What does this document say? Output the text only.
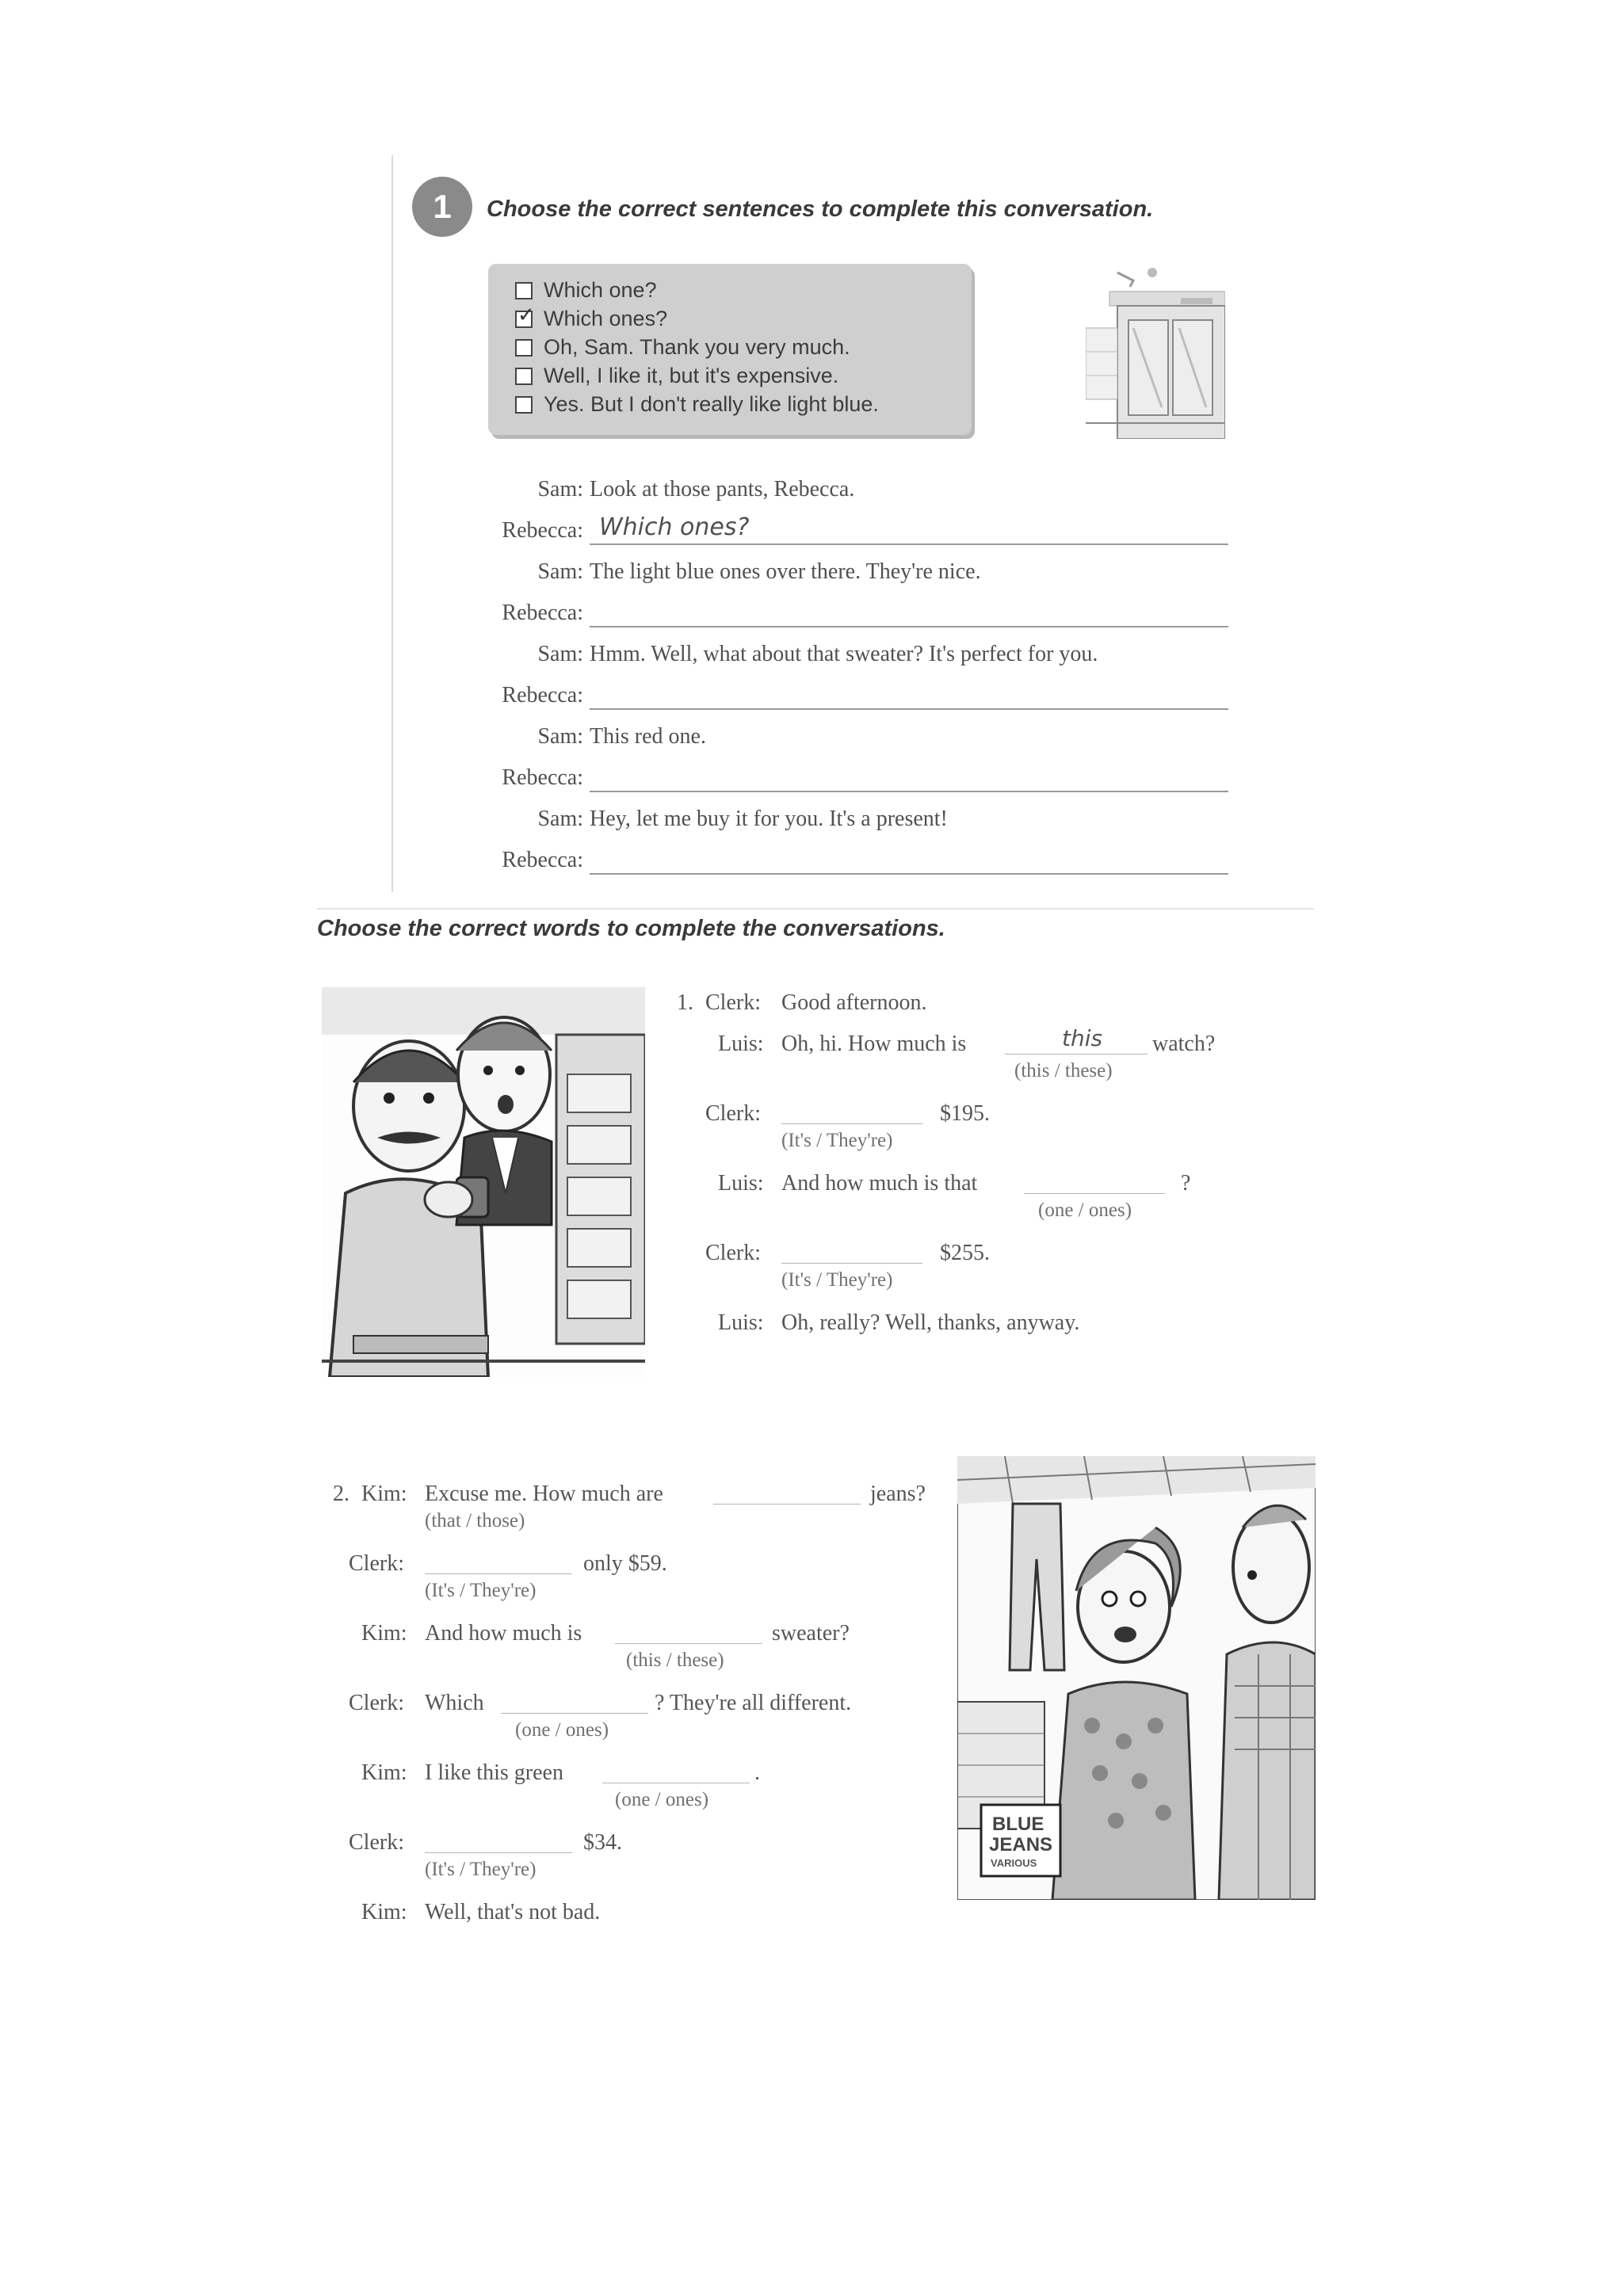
1	Choose the correct sentences to complete this conversation.
Which one?
✓
Which ones?
Oh, Sam. Thank you very much.
Well, I like it, but it's expensive.
Yes. But I don't really like light blue.
Sam: Look at those pants, Rebecca.
Rebecca: Which ones?
Sam: The light blue ones over there. They're nice.
Rebecca:
Sam: Hmm. Well, what about that sweater? It's perfect for you.
Rebecca:
Sam: This red one.
Rebecca:
Sam: Hey, let me buy it for you. It's a present!
Rebecca:
Choose the correct words to complete the conversations.
1. Clerk: Good afternoon.
Luis: Oh, hi. How much is	this watch?
(this / these)
Clerk:	$195.
(It's / They're)
Luis: And how much is that	?
(one / ones)
Clerk:	$255.
(It's / They're)
Luis: Oh, really? Well, thanks, anyway.
2. Kim: Excuse me. How much are	jeans?
(that / those)
Clerk:	only $59.
(It's / They're)
Kim: And how much is	sweater?
(this / these)
Clerk: Which	? They're all different.
(one / ones)
Kim: I like this green	.
(one / ones)
Clerk:	$34.
(It's / They're)
Kim: Well, that's not bad.
BLUE
JEANS
VARIOUS
